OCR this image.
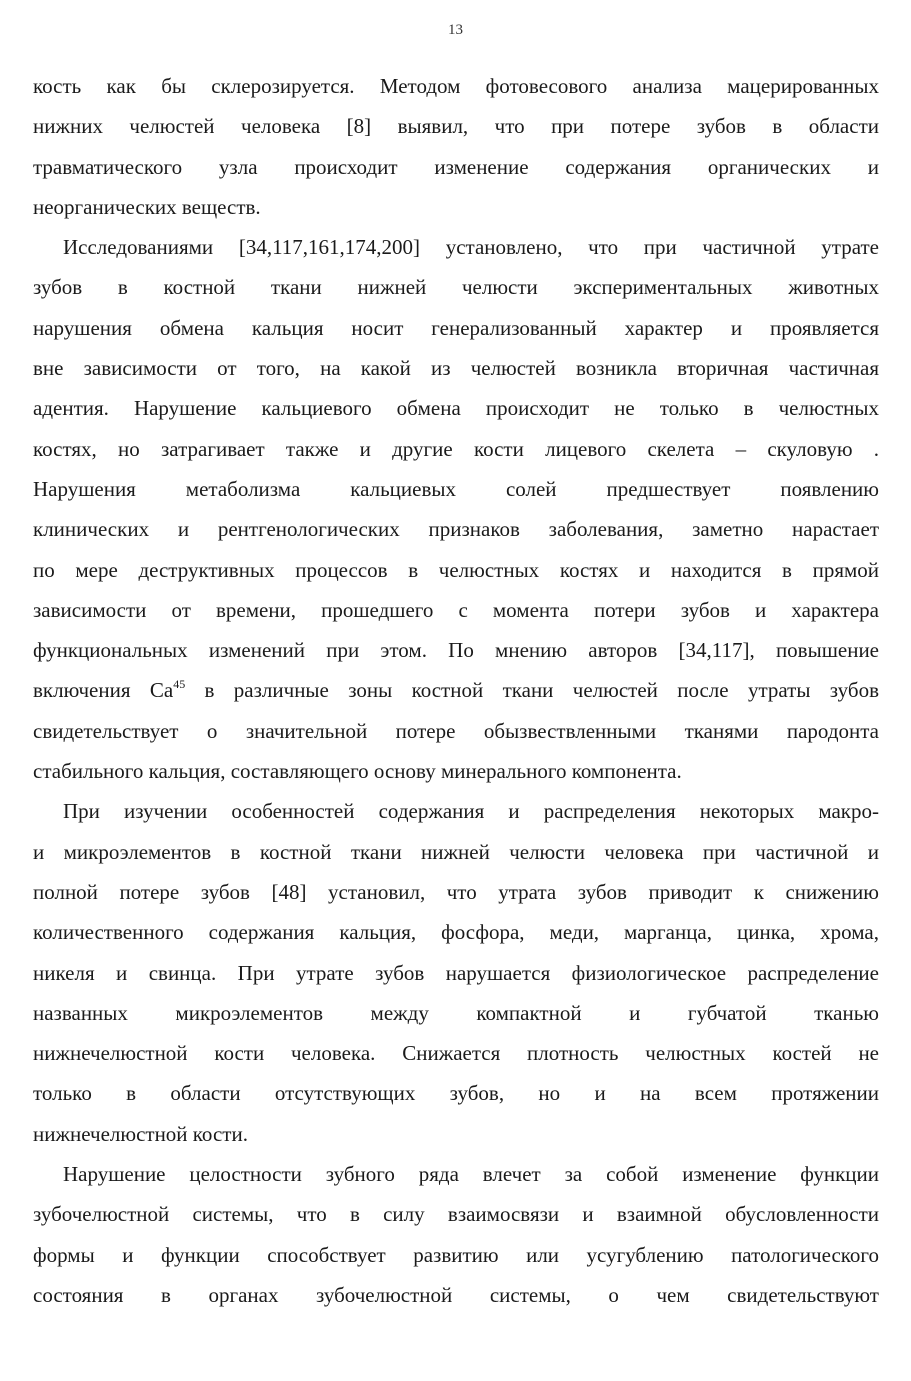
13
кость как бы склерозируется. Методом фотовесового анализа мацерированных
нижних челюстей человека [8] выявил, что при потере зубов в области
травматического узла происходит изменение содержания органических и
неорганических веществ.
Исследованиями [34,117,161,174,200] установлено, что при частичной утрате
зубов в костной ткани нижней челюсти экспериментальных животных
нарушения обмена кальция носит генерализованный характер и проявляется
вне зависимости от того, на какой из челюстей возникла вторичная частичная
адентия. Нарушение кальциевого обмена происходит не только в челюстных
костях, но затрагивает также и другие кости лицевого скелета – скуловую .
Нарушения метаболизма кальциевых солей предшествует появлению
клинических и рентгенологических признаков заболевания, заметно нарастает
по мере деструктивных процессов в челюстных костях и находится в прямой
зависимости от времени, прошедшего с момента потери зубов и характера
функциональных изменений при этом. По мнению авторов [34,117], повышение
включения Ca$^{45}$ в различные зоны костной ткани челюстей после утраты зубов
свидетельствует о значительной потере обызвествленными тканями пародонта
стабильного кальция, составляющего основу минерального компонента.
При изучении особенностей содержания и распределения некоторых макро-
и микроэлементов в костной ткани нижней челюсти человека при частичной и
полной потере зубов [48] установил, что утрата зубов приводит к снижению
количественного содержания кальция, фосфора, меди, марганца, цинка, хрома,
никеля и свинца. При утрате зубов нарушается физиологическое распределение
названных микроэлементов между компактной и губчатой тканью
нижнечелюстной кости человека. Снижается плотность челюстных костей не
только в области отсутствующих зубов, но и на всем протяжении
нижнечелюстной кости.
Нарушение целостности зубного ряда влечет за собой изменение функции
зубочелюстной системы, что в силу взаимосвязи и взаимной обусловленности
формы и функции способствует развитию или усугублению патологического
состояния в органах зубочелюстной системы, о чем свидетельствуют
